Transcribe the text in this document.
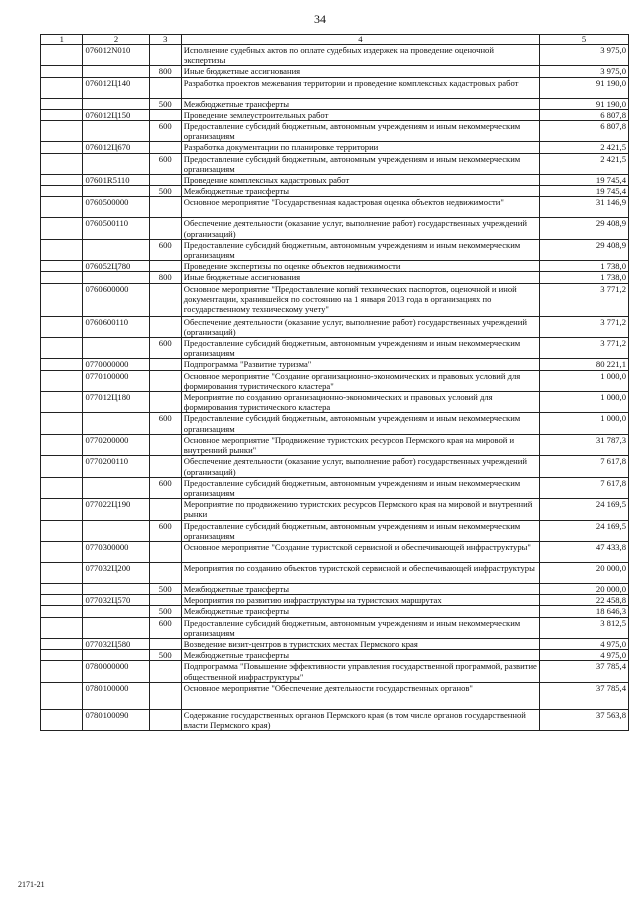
34
1	2	3	4	5
	076012N010		Исполнение судебных актов по оплате судебных издержек на проведение оценочной экспертизы	3 975,0
		800	Иные бюджетные ассигнования	3 975,0
	076012Ц140		Разработка проектов межевания территории и проведение комплексных кадастровых работ	91 190,0
		500	Межбюджетные трансферты	91 190,0
	076012Ц150		Проведение землеустроительных работ	6 807,8
		600	Предоставление субсидий бюджетным, автономным учреждениям и иным некоммерческим организациям	6 807,8
	076012Ц670		Разработка документации по планировке территории	2 421,5
		600	Предоставление субсидий бюджетным, автономным учреждениям и иным некоммерческим организациям	2 421,5
	07601R5110		Проведение комплексных кадастровых работ	19 745,4
		500	Межбюджетные трансферты	19 745,4
	0760500000		Основное мероприятие "Государственная кадастровая оценка объектов недвижимости"	31 146,9
	0760500110		Обеспечение деятельности (оказание услуг, выполнение работ) государственных учреждений (организаций)	29 408,9
		600	Предоставление субсидий бюджетным, автономным учреждениям и иным некоммерческим организациям	29 408,9
	076052Ц780		Проведение экспертизы по оценке объектов недвижимости	1 738,0
		800	Иные бюджетные ассигнования	1 738,0
	0760600000		Основное мероприятие "Предоставление копий технических паспортов, оценочной и иной документации, хранившейся по состоянию на 1 января 2013 года в организациях по государственному техническому учету"	3 771,2
	0760600110		Обеспечение деятельности (оказание услуг, выполнение работ) государственных учреждений (организаций)	3 771,2
		600	Предоставление субсидий бюджетным, автономным учреждениям и иным некоммерческим организациям	3 771,2
	0770000000		Подпрограмма "Развитие туризма"	80 221,1
	0770100000		Основное мероприятие "Создание организационно-экономических и правовых условий для формирования туристического кластера"	1 000,0
	077012Ц180		Мероприятие по созданию организационно-экономических и правовых условий для формирования туристического кластера	1 000,0
		600	Предоставление субсидий бюджетным, автономным учреждениям и иным некоммерческим организациям	1 000,0
	0770200000		Основное мероприятие "Продвижение туристских ресурсов Пермского края на мировой и внутренний рынки"	31 787,3
	0770200110		Обеспечение деятельности (оказание услуг, выполнение работ) государственных учреждений (организаций)	7 617,8
		600	Предоставление субсидий бюджетным, автономным учреждениям и иным некоммерческим организациям	7 617,8
	077022Ц190		Мероприятие по продвижению туристских ресурсов Пермского края на мировой и внутренний рынки	24 169,5
		600	Предоставление субсидий бюджетным, автономным учреждениям и иным некоммерческим организациям	24 169,5
	0770300000		Основное мероприятие "Создание туристской сервисной и обеспечивающей инфраструктуры"	47 433,8
	077032Ц200		Мероприятия по созданию объектов туристской сервисной и обеспечивающей инфраструктуры	20 000,0
		500	Межбюджетные трансферты	20 000,0
	077032Ц570		Мероприятия по развитию инфраструктуры на туристских маршрутах	22 458,8
		500	Межбюджетные трансферты	18 646,3
		600	Предоставление субсидий бюджетным, автономным учреждениям и иным некоммерческим организациям	3 812,5
	077032Ц580		Возведение визит-центров в туристских местах Пермского края	4 975,0
		500	Межбюджетные трансферты	4 975,0
	0780000000		Подпрограмма "Повышение эффективности управления государственной программой, развитие общественной инфраструктуры"	37 785,4
	0780100000		Основное мероприятие "Обеспечение деятельности государственных органов"	37 785,4
	0780100090		Содержание государственных органов Пермского края (в том числе органов государственной власти Пермского края)	37 563,8
2171-21
